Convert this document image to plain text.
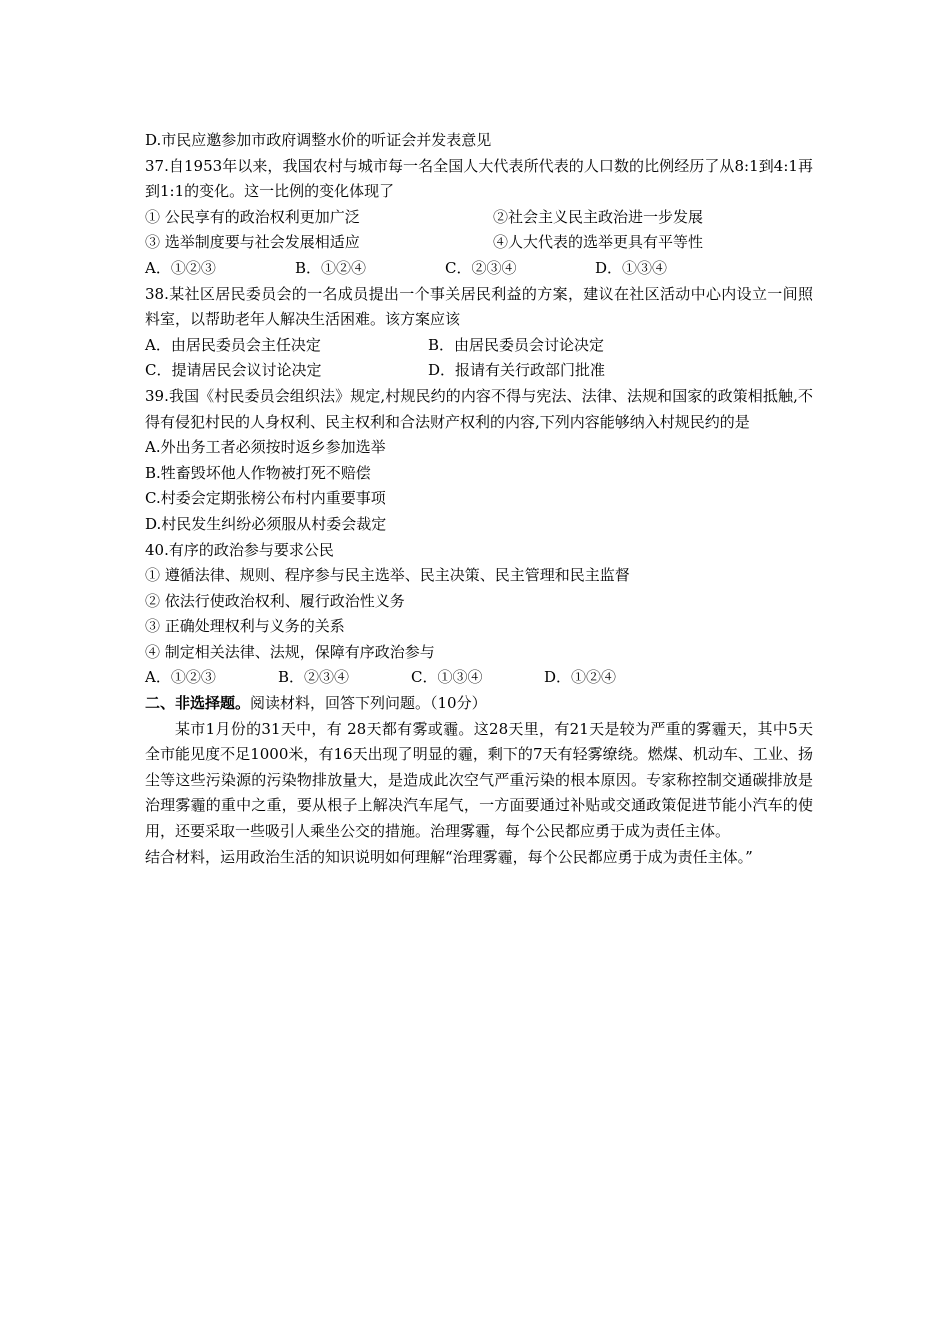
D.市民应邀参加市政府调整水价的听证会并发表意见
37.自1953年以来，我国农村与城市每一名全国人大代表所代表的人口数的比例经历了从8:1到4:1再到1:1的变化。这一比例的变化体现了
① 公民享有的政治权利更加广泛	②社会主义民主政治进一步发展
③ 选举制度要与社会发展相适应	④人大代表的选举更具有平等性
A．①②③	B．①②④	C．②③④	D．①③④
38.某社区居民委员会的一名成员提出一个事关居民利益的方案，建议在社区活动中心内设立一间照料室，以帮助老年人解决生活困难。该方案应该
A．由居民委员会主任决定	B．由居民委员会讨论决定
C．提请居民会议讨论决定	D．报请有关行政部门批准
39.我国《村民委员会组织法》规定,村规民约的内容不得与宪法、法律、法规和国家的政策相抵触,不得有侵犯村民的人身权利、民主权利和合法财产权利的内容,下列内容能够纳入村规民约的是
A.外出务工者必须按时返乡参加选举
B.牲畜毁坏他人作物被打死不赔偿
C.村委会定期张榜公布村内重要事项
D.村民发生纠纷必须服从村委会裁定
40.有序的政治参与要求公民
① 遵循法律、规则、程序参与民主选举、民主决策、民主管理和民主监督
② 依法行使政治权利、履行政治性义务
③ 正确处理权利与义务的关系
④ 制定相关法律、法规，保障有序政治参与
A．①②③	B．②③④	C．①③④	D．①②④
二、非选择题。阅读材料，回答下列问题。（10分）
某市1月份的31天中，有 28天都有雾或霾。这28天里，有21天是较为严重的雾霾天，其中5天全市能见度不足1000米，有16天出现了明显的霾，剩下的7天有轻雾缭绕。燃煤、机动车、工业、扬尘等这些污染源的污染物排放量大，是造成此次空气严重污染的根本原因。专家称控制交通碳排放是治理雾霾的重中之重，要从根子上解决汽车尾气，一方面要通过补贴或交通政策促进节能小汽车的使用，还要采取一些吸引人乘坐公交的措施。治理雾霾，每个公民都应勇于成为责任主体。
结合材料，运用政治生活的知识说明如何理解“治理雾霾，每个公民都应勇于成为责任主体。”
